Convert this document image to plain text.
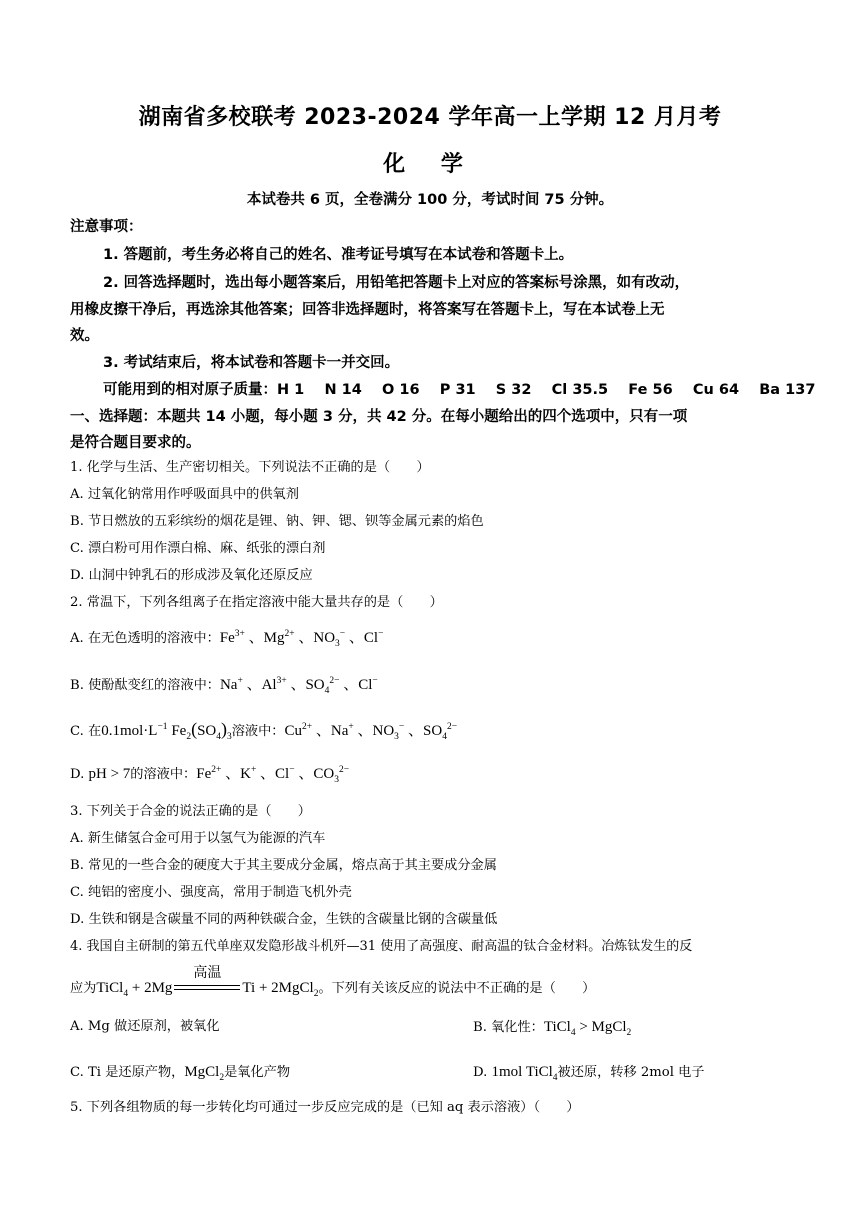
湖南省多校联考 2023-2024 学年高一上学期 12 月月考
化 学
本试卷共 6 页，全卷满分 100 分，考试时间 75 分钟。
注意事项：
1. 答题前，考生务必将自己的姓名、准考证号填写在本试卷和答题卡上。
2. 回答选择题时，选出每小题答案后，用铅笔把答题卡上对应的答案标号涂黑，如有改动，
用橡皮擦干净后，再选涂其他答案；回答非选择题时，将答案写在答题卡上，写在本试卷上无
效。
3. 考试结束后，将本试卷和答题卡一并交回。
可能用到的相对原子质量：H 1    N 14    O 16    P 31    S 32    Cl 35.5    Fe 56    Cu 64    Ba 137
一、选择题：本题共 14 小题，每小题 3 分，共 42 分。在每小题给出的四个选项中，只有一项
是符合题目要求的。
1. 化学与生活、生产密切相关。下列说法不正确的是（　　）
A. 过氧化钠常用作呼吸面具中的供氧剂
B. 节日燃放的五彩缤纷的烟花是锂、钠、钾、锶、钡等金属元素的焰色
C. 漂白粉可用作漂白棉、麻、纸张的漂白剂
D. 山洞中钟乳石的形成涉及氧化还原反应
2. 常温下，下列各组离子在指定溶液中能大量共存的是（　　）
A. 在无色透明的溶液中：$Fe^{3+}$ 、$Mg^{2+}$ 、$NO_3^-$ 、Cl−
B. 使酚酞变红的溶液中：Na+ 、$Al^{3+}$ 、$SO_4^{2-}$ 、Cl−
C. 在$0.1mol\cdot L^{-1}$ $Fe_2(SO_4)_3$溶液中：$Cu^{2+}$ 、Na+ 、$NO_3^-$ 、$SO_4^{2-}$
D. pH > 7的溶液中：$Fe^{2+}$ 、K+ 、Cl− 、$CO_3^{2-}$
3. 下列关于合金的说法正确的是（　　）
A. 新生储氢合金可用于以氢气为能源的汽车
B. 常见的一些合金的硬度大于其主要成分金属，熔点高于其主要成分金属
C. 纯铝的密度小、强度高，常用于制造飞机外壳
D. 生铁和钢是含碳量不同的两种铁碳合金，生铁的含碳量比钢的含碳量低
4. 我国自主研制的第五代单座双发隐形战斗机歼—31 使用了高强度、耐高温的钛合金材料。冶炼钛发生的反
应为TiCl$_4$ + 2Mg
高温
Ti + 2MgCl$_2$。下列有关该反应的说法中不正确的是（　　）
A. Mg 做还原剂，被氧化	B. 氧化性：TiCl$_4$ > MgCl$_2$
C. Ti 是还原产物，MgCl$_2$是氧化产物	D. 1mol TiCl$_4$被还原，转移 2mol 电子
5. 下列各组物质的每一步转化均可通过一步反应完成的是（已知 aq 表示溶液）（　　）
